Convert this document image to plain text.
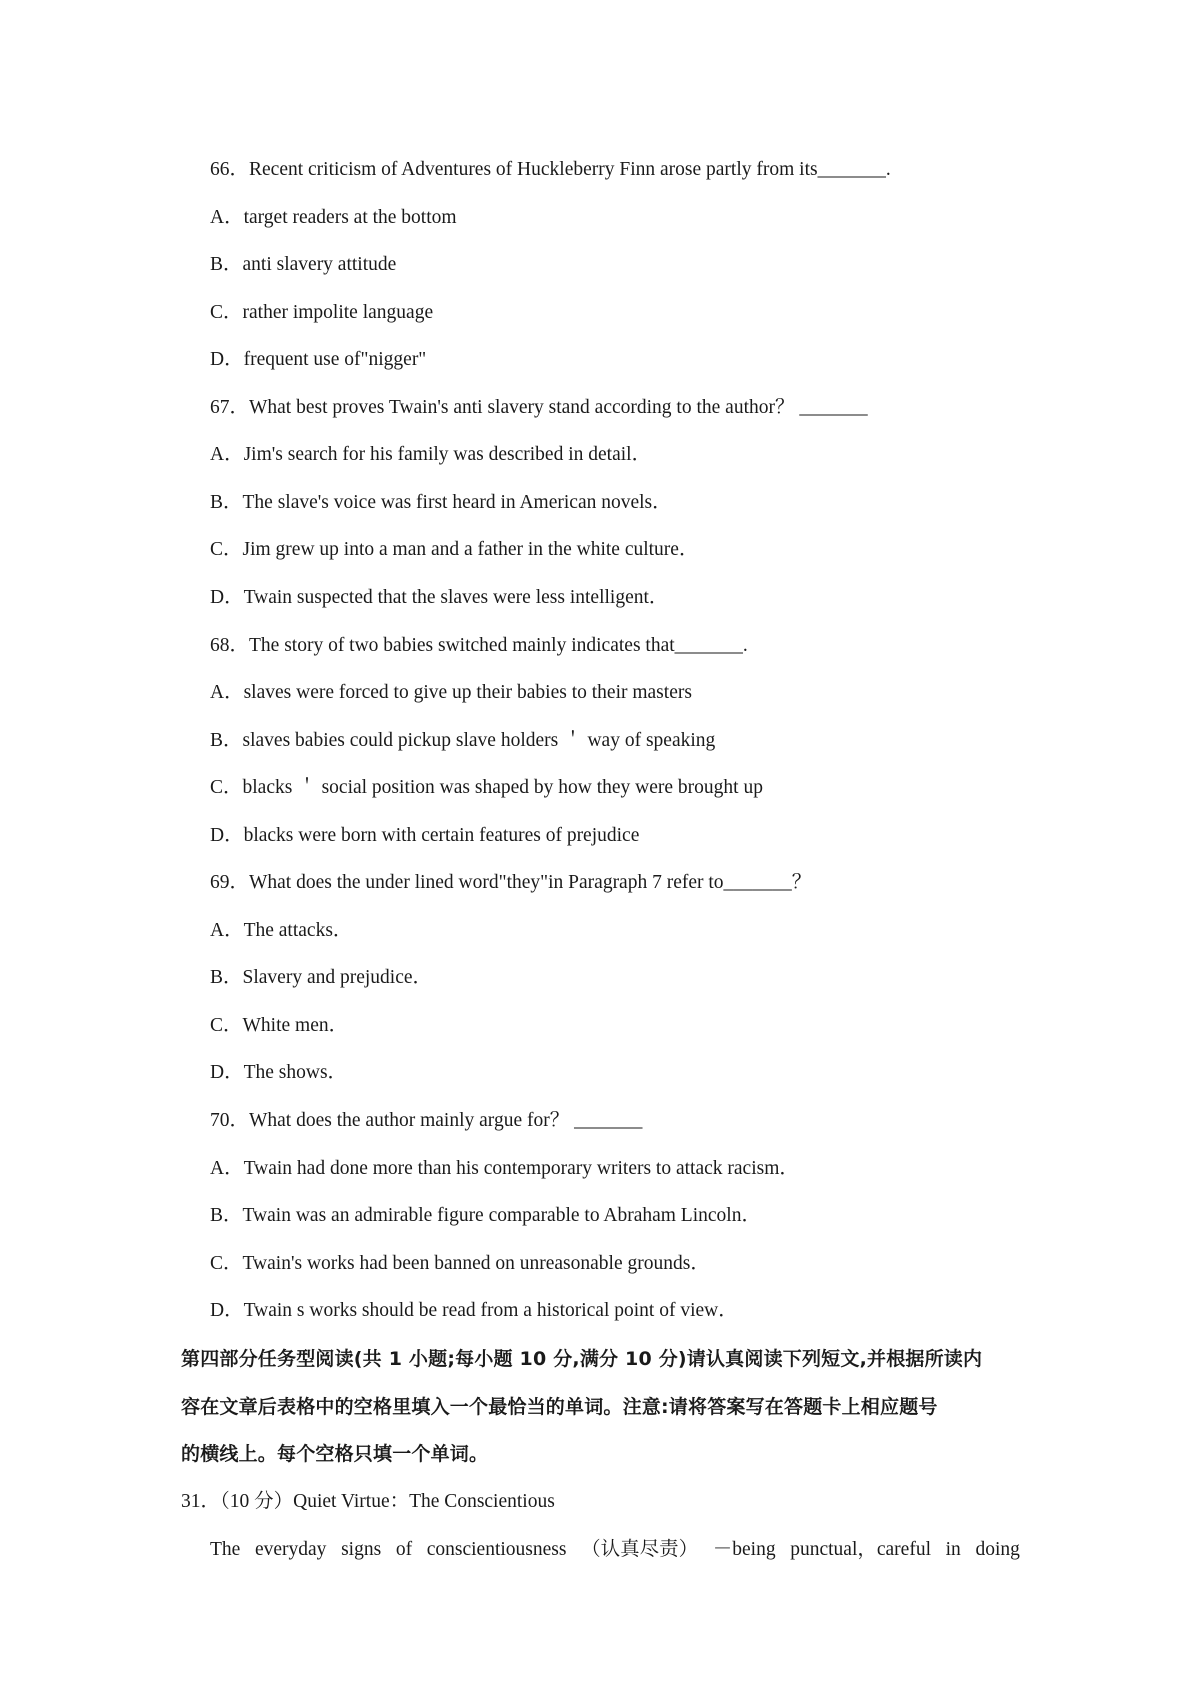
66．Recent criticism of Adventures of Huckleberry Finn arose partly from its_______.
A．target readers at the bottom
B．anti slavery attitude
C．rather impolite language
D．frequent use of"nigger"
67．What best proves Twain's anti slavery stand according to the author？ _______
A．Jim's search for his family was described in detail．
B．The slave's voice was first heard in American novels．
C．Jim grew up into a man and a father in the white culture．
D．Twain suspected that the slaves were less intelligent．
68．The story of two babies switched mainly indicates that_______.
A．slaves were forced to give up their babies to their masters
B．slaves babies could pickup slave holders ＇ way of speaking
C．blacks ＇ social position was shaped by how they were brought up
D．blacks were born with certain features of prejudice
69．What does the under lined word"they"in Paragraph 7 refer to_______？
A．The attacks．
B．Slavery and prejudice．
C．White men．
D．The shows．
70．What does the author mainly argue for？ _______
A．Twain had done more than his contemporary writers to attack racism．
B．Twain was an admirable figure comparable to Abraham Lincoln．
C．Twain's works had been banned on unreasonable grounds．
D．Twain s works should be read from a historical point of view．
第四部分任务型阅读(共 1 小题;每小题 10 分,满分 10 分)请认真阅读下列短文,并根据所读内
容在文章后表格中的空格里填入一个最恰当的单词。注意:请将答案写在答题卡上相应题号
的横线上。每个空格只填一个单词。
31．（10 分）Quiet Virtue：The Conscientious
The everyday signs of conscientiousness （认真尽责） －being punctual，careful in doing
